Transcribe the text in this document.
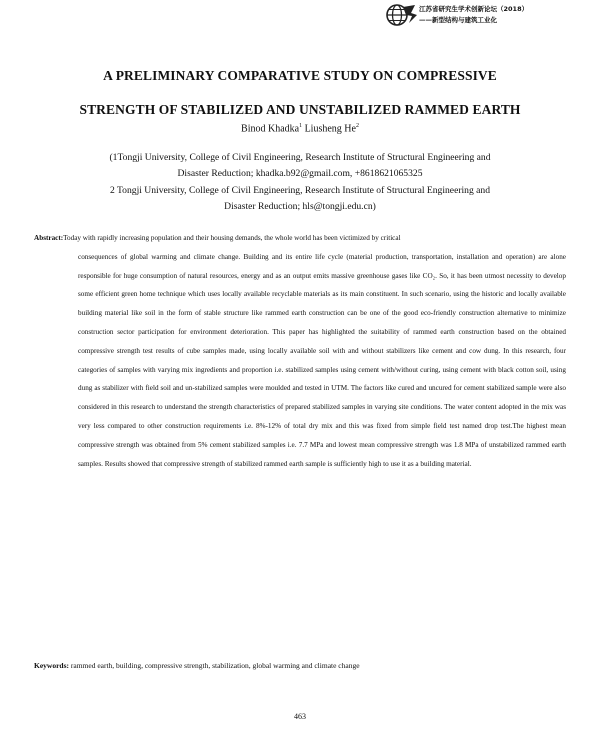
江苏省研究生学术创新论坛（2018）
——新型结构与建筑工业化
A PRELIMINARY COMPARATIVE STUDY ON COMPRESSIVE
STRENGTH OF STABILIZED AND UNSTABILIZED RAMMED EARTH
Binod Khadka$^1$ Liusheng He$^2$
(1Tongji University, College of Civil Engineering, Research Institute of Structural Engineering and
Disaster Reduction; khadka.b92@gmail.com, +8618621065325
2 Tongji University, College of Civil Engineering, Research Institute of Structural Engineering and
Disaster Reduction; hls@tongji.edu.cn)
Abstract:Today with rapidly increasing population and their housing demands, the whole world has been victimized by critical
consequences of global warming and climate change. Building and its entire life cycle (material production, transportation, installation and operation) are alone responsible for huge consumption of natural resources, energy and as an output emits massive greenhouse gases like CO₂. So, it has been utmost necessity to develop some efficient green home technique which uses locally available recyclable materials as its main constituent. In such scenario, using the historic and locally available building material like soil in the form of stable structure like rammed earth construction can be one of the good eco-friendly construction alternative to minimize construction sector participation for environment deterioration. This paper has highlighted the suitability of rammed earth construction based on the obtained compressive strength test results of cube samples made, using locally available soil with and without stabilizers like cement and cow dung. In this research, four categories of samples with varying mix ingredients and proportion i.e. stabilized samples using cement with/without curing, using cement with black cotton soil, using dung as stabilizer with field soil and un-stabilized samples were moulded and tested in UTM. The factors like cured and uncured for cement stabilized sample were also considered in this research to understand the strength characteristics of prepared stabilized samples in varying site conditions. The water content adopted in the mix was very less compared to other construction requirements i.e. 8%-12% of total dry mix and this was fixed from simple field test named drop test.The highest mean compressive strength was obtained from 5% cement stabilized samples i.e. 7.7 MPa and lowest mean compressive strength was 1.8 MPa of unstabilized rammed earth samples. Results showed that compressive strength of stabilized rammed earth sample is sufficiently high to use it as a building material.
Keywords: rammed earth, building, compressive strength, stabilization, global warming and climate change
463
